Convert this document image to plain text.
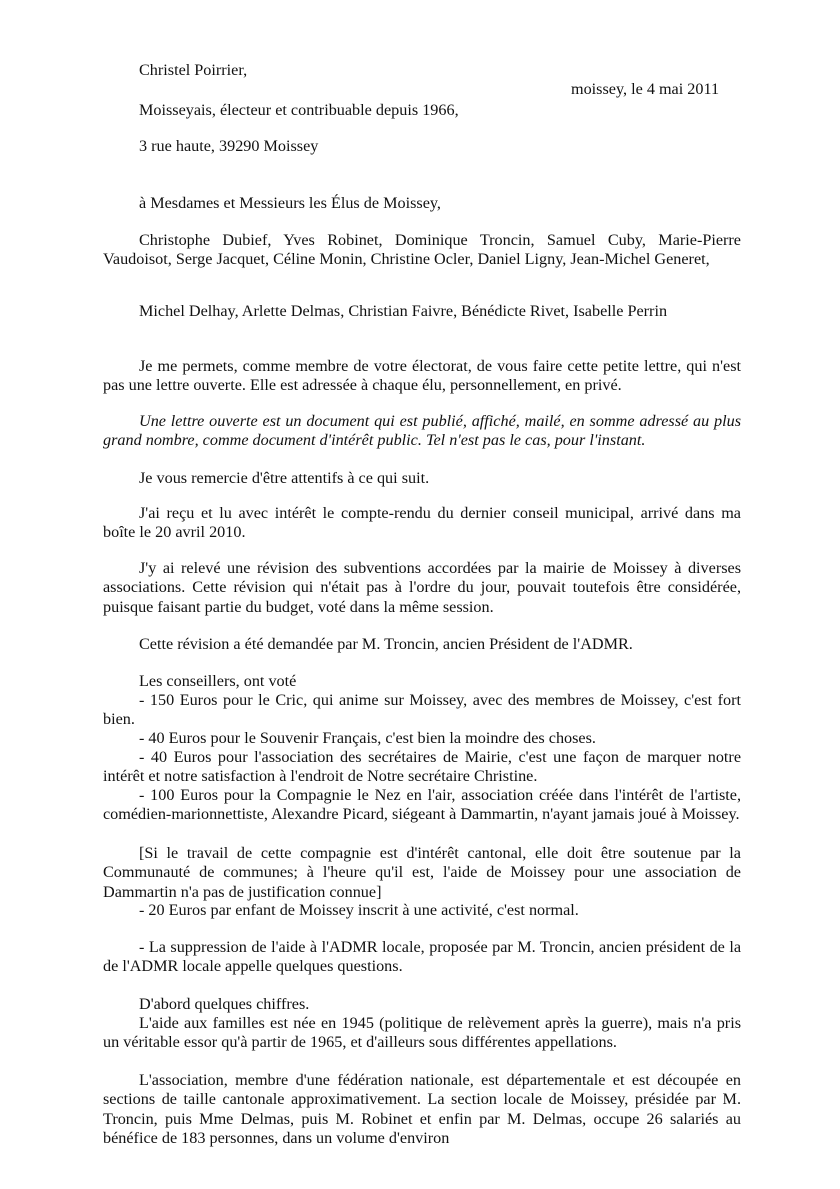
Christel Poirrier,

moissey, le 4 mai 2011

Moisseyais, électeur et contribuable depuis 1966,

3 rue haute, 39290 Moissey

à Mesdames et Messieurs les Élus de Moissey,

Christophe Dubief, Yves Robinet, Dominique Troncin, Samuel Cuby, Marie-Pierre Vaudoisot, Serge Jacquet, Céline Monin, Christine Ocler, Daniel Ligny, Jean-Michel Generet,

Michel Delhay, Arlette Delmas, Christian Faivre, Bénédicte Rivet, Isabelle Perrin

Je me permets, comme membre de votre électorat, de vous faire cette petite lettre, qui n'est pas une lettre ouverte. Elle est adressée à chaque élu, personnellement, en privé.

Une lettre ouverte est un document qui est publié, affiché, mailé, en somme adressé au plus grand nombre, comme document d'intérêt public. Tel n'est pas le cas, pour l'instant.

Je vous remercie d'être attentifs à ce qui suit.

J'ai reçu et lu avec intérêt le compte-rendu du dernier conseil municipal, arrivé dans ma boîte le 20 avril 2010.

J'y ai relevé une révision des subventions accordées par la mairie de Moissey à diverses associations. Cette révision qui n'était pas à l'ordre du jour, pouvait toutefois être considérée, puisque faisant partie du budget, voté dans la même session.

Cette révision a été demandée par M. Troncin, ancien Président de l'ADMR.

Les conseillers, ont voté

- 150 Euros pour le Cric, qui anime sur Moissey, avec des membres de Moissey, c'est fort bien.

- 40 Euros pour le Souvenir Français, c'est bien la moindre des choses.

- 40 Euros pour l'association des secrétaires de Mairie, c'est une façon de marquer notre intérêt et notre satisfaction à l'endroit de Notre secrétaire Christine.

- 100 Euros pour la Compagnie le Nez en l'air, association créée dans l'intérêt de l'artiste, comédien-marionnettiste, Alexandre Picard, siégeant à Dammartin, n'ayant jamais joué à Moissey.

[Si le travail de cette compagnie est d'intérêt cantonal, elle doit être soutenue par la Communauté de communes; à l'heure qu'il est, l'aide de Moissey pour une association de Dammartin n'a pas de justification connue]

- 20 Euros par enfant de Moissey inscrit à une activité, c'est normal.

- La suppression de l'aide à l'ADMR locale, proposée par M. Troncin, ancien président de la de l'ADMR locale appelle quelques questions.

D'abord quelques chiffres.

L'aide aux familles est née en 1945 (politique de relèvement après la guerre), mais n'a pris un véritable essor qu'à partir de 1965, et d'ailleurs sous différentes appellations.

L'association, membre d'une fédération nationale, est départementale et est découpée en sections de taille cantonale approximativement. La section locale de Moissey, présidée par M. Troncin, puis Mme Delmas, puis M. Robinet et enfin par M. Delmas, occupe 26 salariés au bénéfice de 183 personnes, dans un volume d'environ
